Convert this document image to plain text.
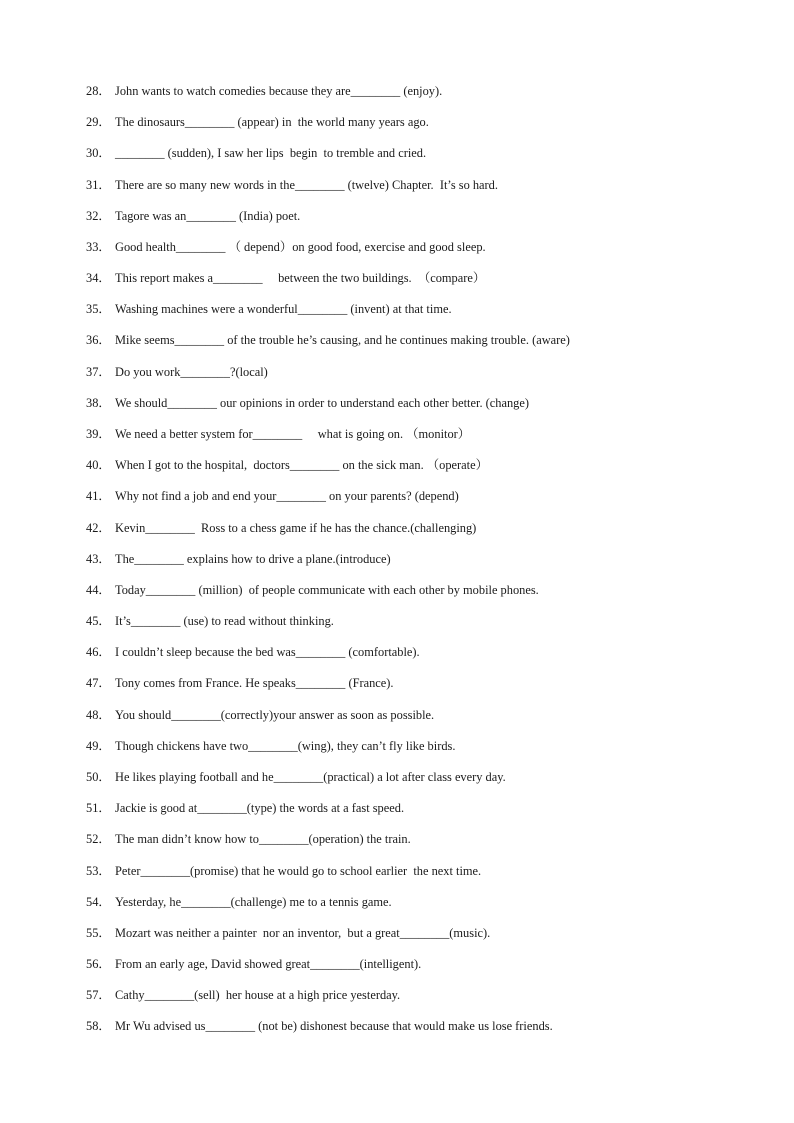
28． John wants to watch comedies because they are________ (enjoy).
29． The dinosaurs________ (appear) in  the world many years ago.
30． ________ (sudden), I saw her lips  begin  to tremble and cried.
31． There are so many new words in the________ (twelve) Chapter.  It’s so hard.
32． Tagore was an________ (India) poet.
33． Good health________ （ depend）on good food, exercise and good sleep.
34． This report makes a________     between the two buildings.  （compare）
35． Washing machines were a wonderful________ (invent) at that time.
36． Mike seems________ of the trouble he’s causing, and he continues making trouble. (aware)
37． Do you work________?(local)
38． We should________ our opinions in order to understand each other better. (change)
39． We need a better system for________     what is going on. （monitor）
40． When I got to the hospital,  doctors________ on the sick man. （operate）
41． Why not find a job and end your________ on your parents? (depend)
42． Kevin________  Ross to a chess game if he has the chance.(challenging)
43． The________ explains how to drive a plane.(introduce)
44． Today________ (million)  of people communicate with each other by mobile phones.
45． It’s________ (use) to read without thinking.
46． I couldn’t sleep because the bed was________ (comfortable).
47． Tony comes from France. He speaks________ (France).
48． You should________(correctly)your answer as soon as possible.
49． Though chickens have two________(wing), they can’t fly like birds.
50． He likes playing football and he________(practical) a lot after class every day.
51． Jackie is good at________(type) the words at a fast speed.
52． The man didn’t know how to________(operation) the train.
53． Peter________(promise) that he would go to school earlier  the next time.
54． Yesterday, he________(challenge) me to a tennis game.
55． Mozart was neither a painter  nor an inventor,  but a great________(music).
56． From an early age, David showed great________(intelligent).
57． Cathy________(sell)  her house at a high price yesterday.
58． Mr Wu advised us________ (not be) dishonest because that would make us lose friends.
